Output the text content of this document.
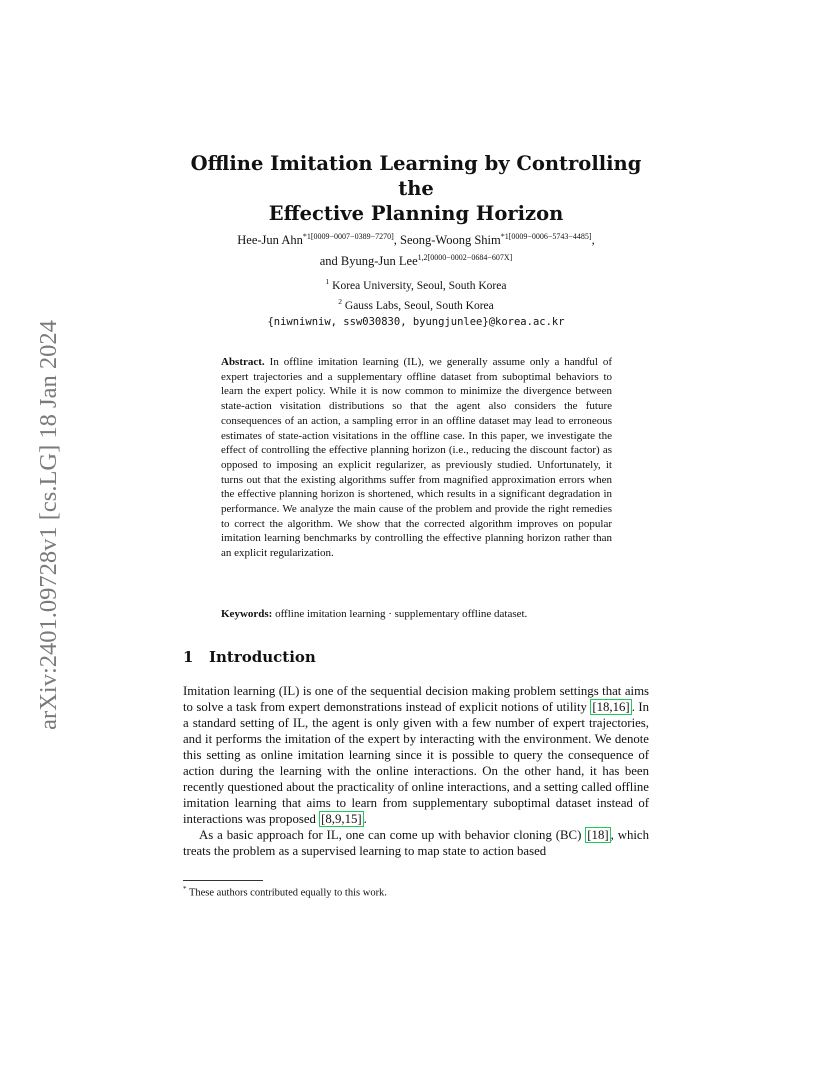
arXiv:2401.09728v1 [cs.LG] 18 Jan 2024
Offline Imitation Learning by Controlling the
Effective Planning Horizon
Hee-Jun Ahn$^{*1[0009-0007-0389-7270]}$, Seong-Woong Shim$^{*1[0009-0006-5743-4485]}$,
and Byung-Jun Lee$^{1,2[0000-0002-0684-607X]}$
$^1$ Korea University, Seoul, South Korea
$^2$ Gauss Labs, Seoul, South Korea
{niwniwniw, ssw030830, byungjunlee}@korea.ac.kr
Abstract. In offline imitation learning (IL), we generally assume only a handful of expert trajectories and a supplementary offline dataset from suboptimal behaviors to learn the expert policy. While it is now common to minimize the divergence between state-action visitation distributions so that the agent also considers the future consequences of an action, a sampling error in an offline dataset may lead to erroneous estimates of state-action visitations in the offline case. In this paper, we investigate the effect of controlling the effective planning horizon (i.e., reducing the discount factor) as opposed to imposing an explicit regularizer, as previously studied. Unfortunately, it turns out that the existing algorithms suffer from magnified approximation errors when the effective planning horizon is shortened, which results in a significant degradation in performance. We analyze the main cause of the problem and provide the right remedies to correct the algorithm. We show that the corrected algorithm improves on popular imitation learning benchmarks by controlling the effective planning horizon rather than an explicit regularization.
Keywords: offline imitation learning · supplementary offline dataset.
1 Introduction

Imitation learning (IL) is one of the sequential decision making problem settings that aims to solve a task from expert demonstrations instead of explicit notions of utility [18,16] . In a standard setting of IL, the agent is only given with a few number of expert trajectories, and it performs the imitation of the expert by interacting with the environment. We denote this setting as online imitation learning since it is possible to query the consequence of action during the learning with the online interactions. On the other hand, it has been recently questioned about the practicality of online interactions, and a setting called offline imitation learning that aims to learn from supplementary suboptimal dataset instead of interactions was proposed [8,9,15] .

As a basic approach for IL, one can come up with behavior cloning (BC) [18] , which treats the problem as a supervised learning to map state to action based

* These authors contributed equally to this work.
